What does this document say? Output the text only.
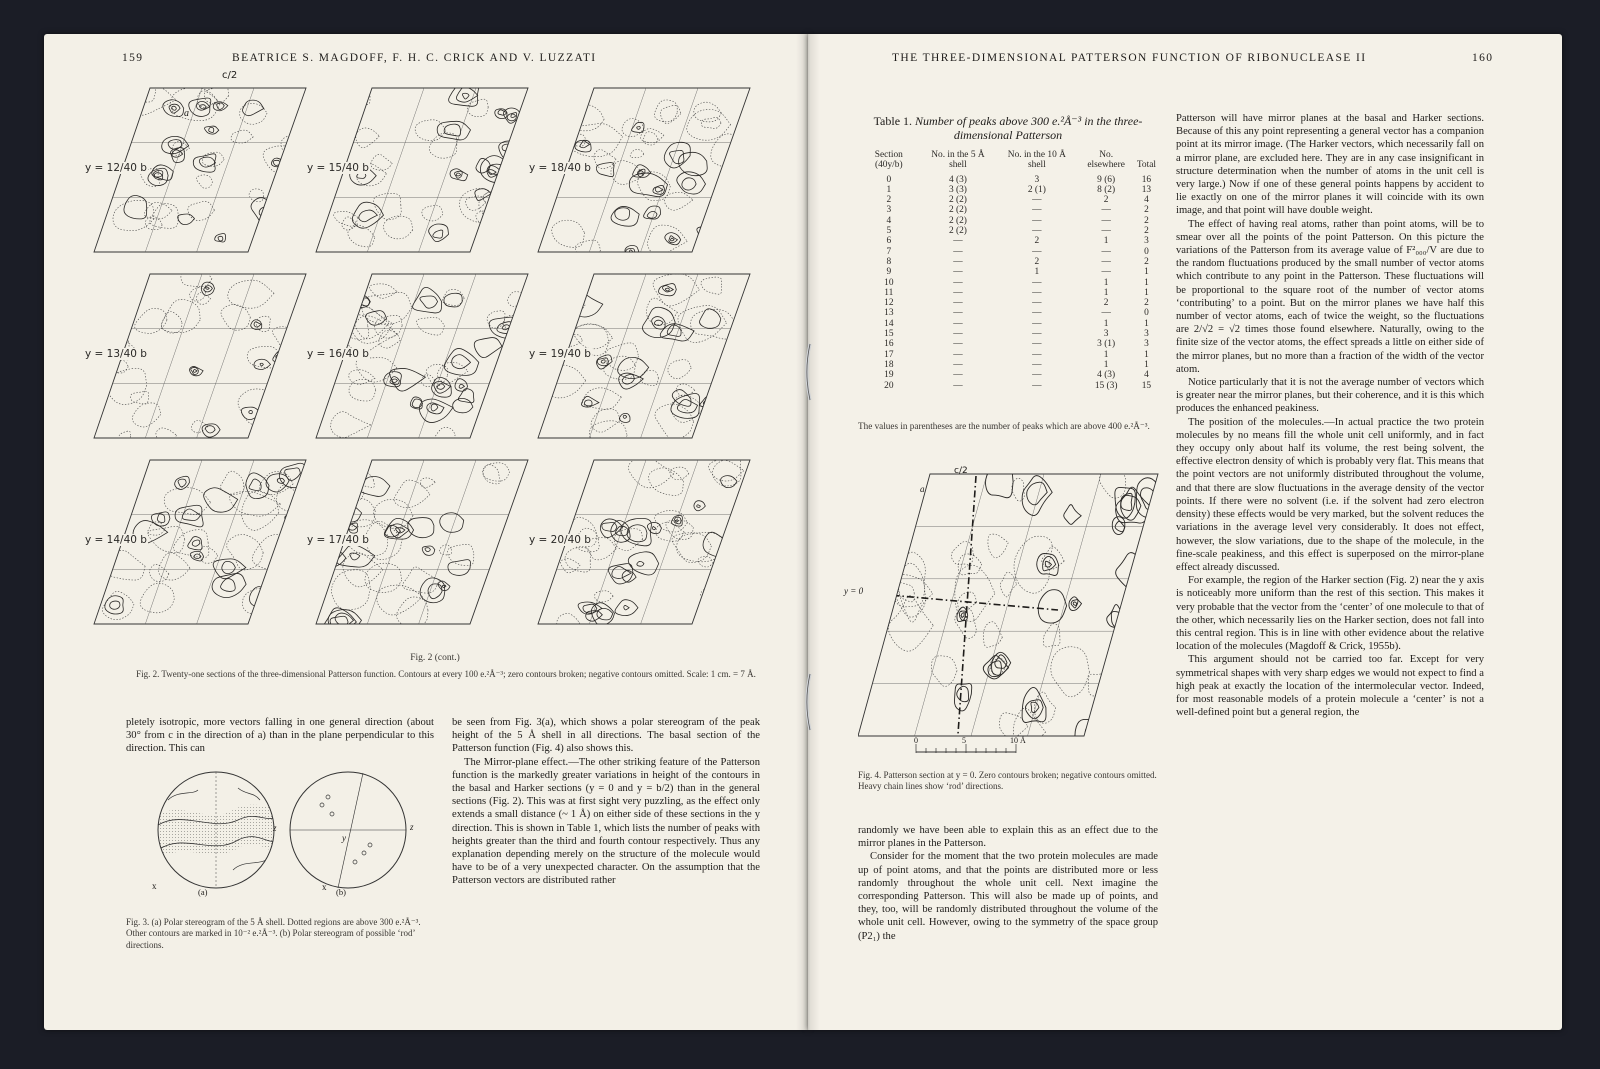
159	BEATRICE S. MAGDOFF, F. H. C. CRICK AND V. LUZZATI	THE THREE-DIMENSIONAL PATTERSON FUNCTION OF RIBONUCLEASE II	160
c/2
a
y = 12/40 b	y = 15/40 b	y = 18/40 b
y = 13/40 b	y = 16/40 b	y = 19/40 b
y = 14/40 b	y = 17/40 b	y = 20/40 b
Fig. 2 (cont.)
Fig. 2. Twenty-one sections of the three-dimensional Patterson function. Contours at every 100 e.²Å⁻³; zero contours broken; negative contours omitted. Scale: 1 cm. = 7 Å.

pletely isotropic, more vectors falling in one general direction (about 30° from c in the direction of a) than in the plane perpendicular to this direction. This can

x
z
(a)	x
z
y
(b)
Fig. 3. (a) Polar stereogram of the 5 Å shell. Dotted regions are above 300 e.²Å⁻³. Other contours are marked in 10⁻² e.²Å⁻³. (b) Polar stereogram of possible ‘rod’ directions.

be seen from Fig. 3(a), which shows a polar stereogram of the peak height of the 5 Å shell in all directions. The basal section of the Patterson function (Fig. 4) also shows this.

The Mirror-plane effect.—The other striking feature of the Patterson function is the markedly greater variations in height of the contours in the basal and Harker sections (y = 0 and y = b/2) than in the general sections (Fig. 2). This was at first sight very puzzling, as the effect only extends a small distance (~ 1 Å) on either side of these sections in the y direction. This is shown in Table 1, which lists the number of peaks with heights greater than the third and fourth contour respectively. Thus any explanation depending merely on the structure of the molecule would have to be of a very unexpected character. On the assumption that the Patterson vectors are distributed rather

Table 1. Number of peaks above 300 e.²Å⁻³ in the three-dimensional Patterson
Section (40y/b)	No. in the 5 Å shell	No. in the 10 Å shell	No. elsewhere	Total
0	4 (3)	3	9 (6)	16
1	3 (3)	2 (1)	8 (2)	13
2	2 (2)	—	2	4
3	2 (2)	—	—	2
4	2 (2)	—	—	2
5	2 (2)	—	—	2
6	—	2	1	3
7	—	—	—	0
8	—	2	—	2
9	—	1	—	1
10	—	—	1	1
11	—	—	1	1
12	—	—	2	2
13	—	—	—	0
14	—	—	1	1
15	—	—	3	3
16	—	—	3 (1)	3
17	—	—	1	1
18	—	—	1	1
19	—	—	4 (3)	4
20	—	—	15 (3)	15
The values in parentheses are the number of peaks which are above 400 e.²Å⁻³.
c/2
a
y = 0
0	5	10 Å
Fig. 4. Patterson section at y = 0. Zero contours broken; negative contours omitted. Heavy chain lines show ‘rod’ directions.

randomly we have been able to explain this as an effect due to the mirror planes in the Patterson.

Consider for the moment that the two protein molecules are made up of point atoms, and that the points are distributed more or less randomly throughout the whole unit cell. Next imagine the corresponding Patterson. This will also be made up of points, and they, too, will be randomly distributed throughout the volume of the whole unit cell. However, owing to the symmetry of the space group (P2₁) the

Patterson will have mirror planes at the basal and Harker sections. Because of this any point representing a general vector has a companion point at its mirror image. (The Harker vectors, which necessarily fall on a mirror plane, are excluded here. They are in any case insignificant in structure determination when the number of atoms in the unit cell is very large.) Now if one of these general points happens by accident to lie exactly on one of the mirror planes it will coincide with its own image, and that point will have double weight.

The effect of having real atoms, rather than point atoms, will be to smear over all the points of the point Patterson. On this picture the variations of the Patterson from its average value of F²₀₀₀/V are due to the random fluctuations produced by the small number of vector atoms which contribute to any point in the Patterson. These fluctuations will be proportional to the square root of the number of vector atoms ‘contributing’ to a point. But on the mirror planes we have half this number of vector atoms, each of twice the weight, so the fluctuations are 2/√2 = √2 times those found elsewhere. Naturally, owing to the finite size of the vector atoms, the effect spreads a little on either side of the mirror planes, but no more than a fraction of the width of the vector atom.

Notice particularly that it is not the average number of vectors which is greater near the mirror planes, but their coherence, and it is this which produces the enhanced peakiness.

The position of the molecules.—In actual practice the two protein molecules by no means fill the whole unit cell uniformly, and in fact they occupy only about half its volume, the rest being solvent, the effective electron density of which is probably very flat. This means that the point vectors are not uniformly distributed throughout the volume, and that there are slow fluctuations in the average density of the vector points. If there were no solvent (i.e. if the solvent had zero electron density) these effects would be very marked, but the solvent reduces the variations in the average level very considerably. It does not effect, however, the slow variations, due to the shape of the molecule, in the fine-scale peakiness, and this effect is superposed on the mirror-plane effect already discussed.

For example, the region of the Harker section (Fig. 2) near the y axis is noticeably more uniform than the rest of this section. This makes it very probable that the vector from the ‘center’ of one molecule to that of the other, which necessarily lies on the Harker section, does not fall into this central region. This is in line with other evidence about the relative location of the molecules (Magdoff & Crick, 1955b).

This argument should not be carried too far. Except for very symmetrical shapes with very sharp edges we would not expect to find a high peak at exactly the location of the intermolecular vector. Indeed, for most reasonable models of a protein molecule a ‘center’ is not a well-defined point but a general region, the
